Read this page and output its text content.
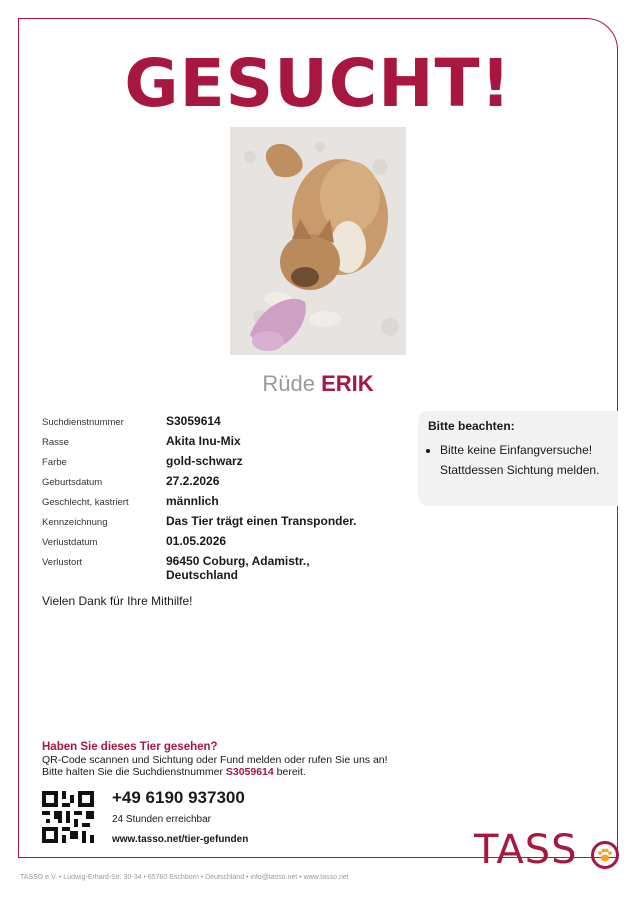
GESUCHT!
Rüde ERIK
Suchdienstnummer	S3059614
Rasse	Akita Inu-Mix
Farbe	gold-schwarz
Geburtsdatum	27.2.2026
Geschlecht, kastriert	männlich
Kennzeichnung	Das Tier trägt einen Transponder.
Verlustdatum	01.05.2026
Verlustort	96450 Coburg, Adamistr., Deutschland
Bitte beachten:
• Bitte keine Einfangversuche! Stattdessen Sichtung melden.
Vielen Dank für Ihre Mithilfe!
Haben Sie dieses Tier gesehen?
QR-Code scannen und Sichtung oder Fund melden oder rufen Sie uns an!
Bitte halten Sie die Suchdienstnummer S3059614 bereit.
+49 6190 937300
24 Stunden erreichbar
www.tasso.net/tier-gefunden	TASS
TASSO e.V. • Ludwig-Erhard-Str. 30-34 • 65760 Eschborn • Deutschland • info@tasso.net • www.tasso.net
